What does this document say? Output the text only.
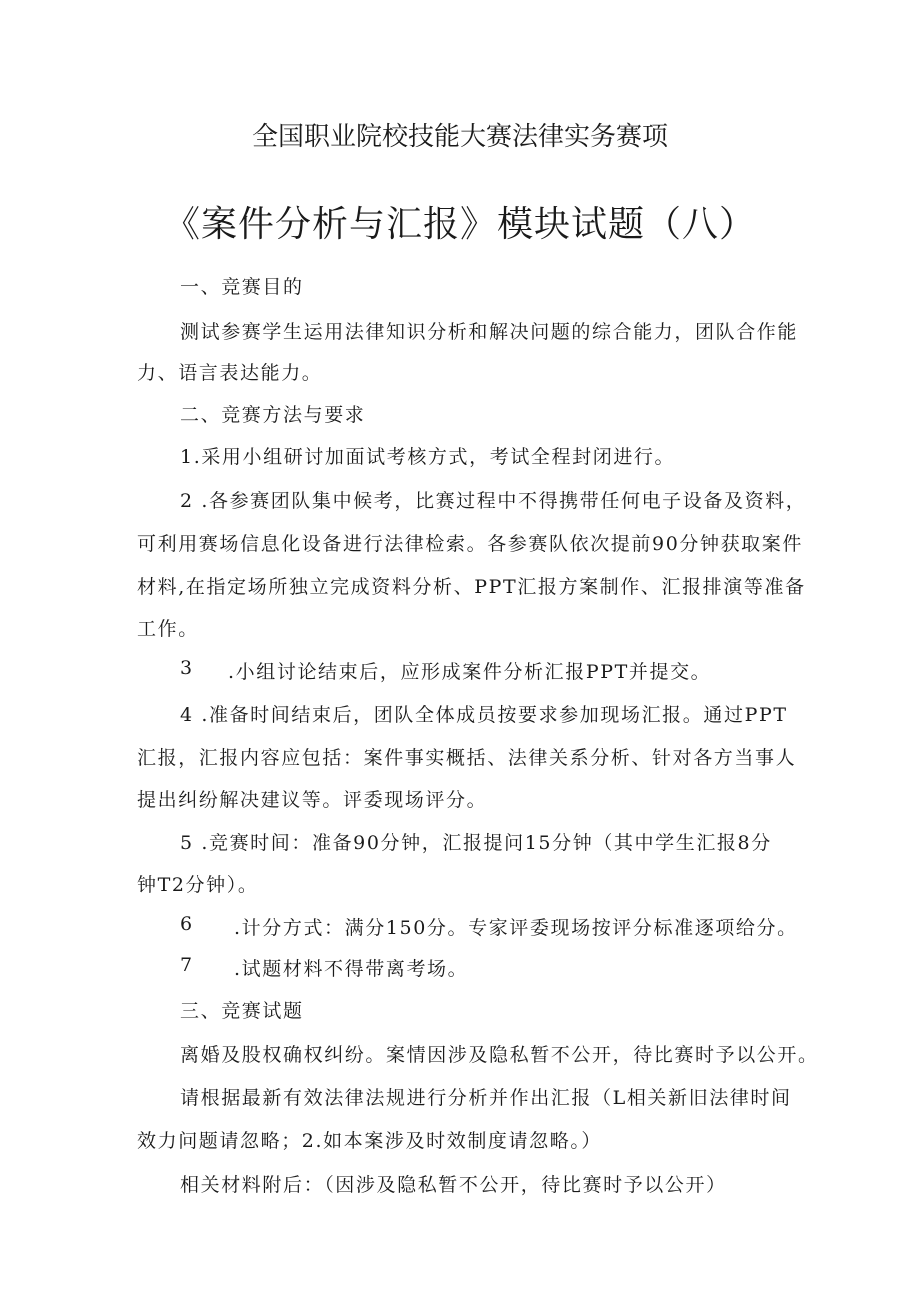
全国职业院校技能大赛法律实务赛项
《案件分析与汇报》模块试题（八）
一、竞赛目的
测试参赛学生运用法律知识分析和解决问题的综合能力，团队合作能
力、语言表达能力。
二、竞赛方法与要求
1.采用小组研讨加面试考核方式，考试全程封闭进行。
2 .各参赛团队集中候考，比赛过程中不得携带任何电子设备及资料，
可利用赛场信息化设备进行法律检索。各参赛队依次提前90分钟获取案件
材料,在指定场所独立完成资料分析、PPT汇报方案制作、汇报排演等准备
工作。
3 .小组讨论结束后，应形成案件分析汇报PPT并提交。
4 .准备时间结束后，团队全体成员按要求参加现场汇报。通过PPT
汇报，汇报内容应包括：案件事实概括、法律关系分析、针对各方当事人
提出纠纷解决建议等。评委现场评分。
5 .竞赛时间：准备90分钟，汇报提问15分钟（其中学生汇报8分
钟T2分钟）。
6 .计分方式：满分150分。专家评委现场按评分标准逐项给分。
7 .试题材料不得带离考场。
三、竞赛试题
离婚及股权确权纠纷。案情因涉及隐私暂不公开，待比赛时予以公开。
请根据最新有效法律法规进行分析并作出汇报（L相关新旧法律时间
效力问题请忽略；2.如本案涉及时效制度请忽略。）
相关材料附后：（因涉及隐私暂不公开，待比赛时予以公开）
